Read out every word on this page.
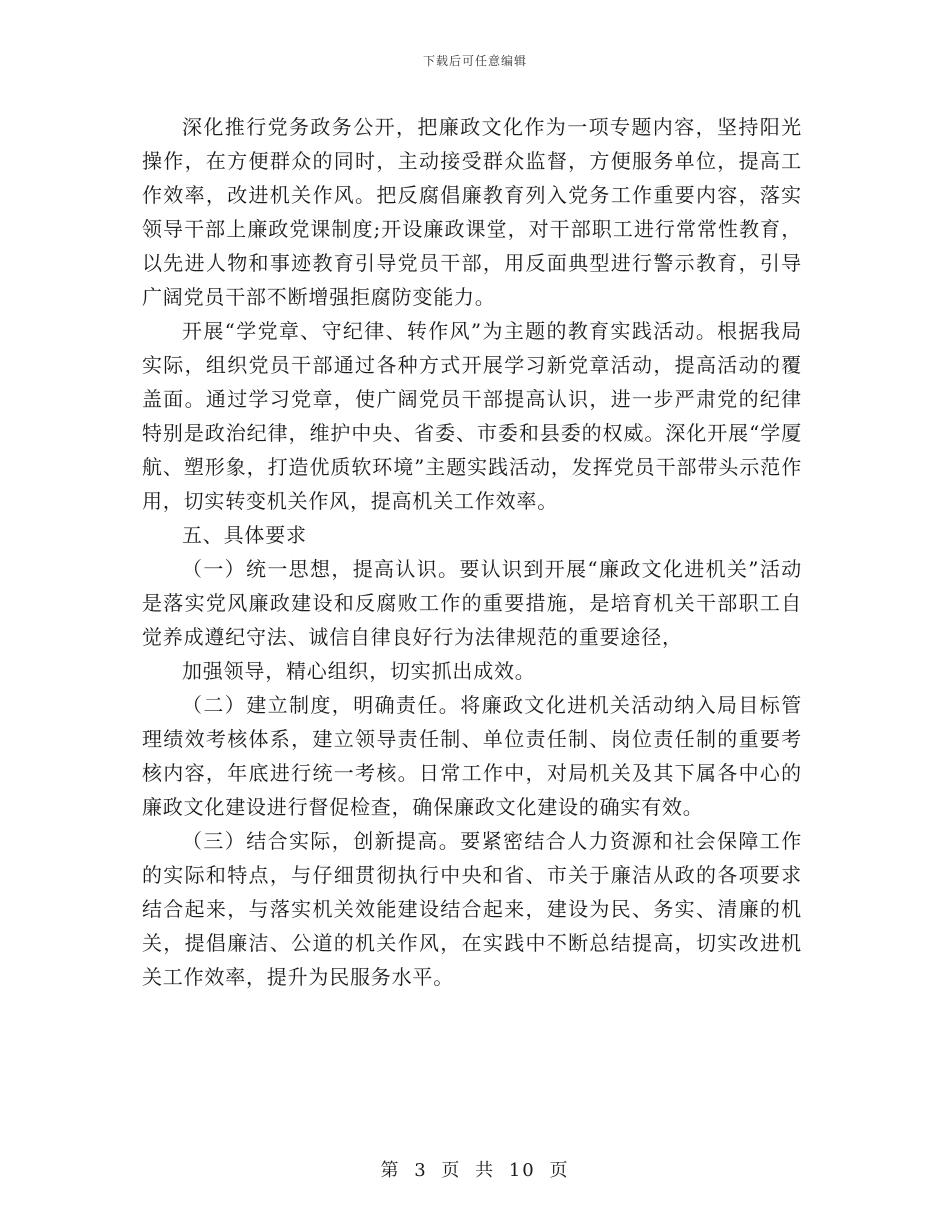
下载后可任意编辑

深化推行党务政务公开，把廉政文化作为一项专题内容，坚持阳光操作，在方便群众的同时，主动接受群众监督，方便服务单位，提高工作效率，改进机关作风。把反腐倡廉教育列入党务工作重要内容，落实领导干部上廉政党课制度;开设廉政课堂，对干部职工进行常常性教育，以先进人物和事迹教育引导党员干部，用反面典型进行警示教育，引导广阔党员干部不断增强拒腐防变能力。

开展“学党章、守纪律、转作风”为主题的教育实践活动。根据我局实际，组织党员干部通过各种方式开展学习新党章活动，提高活动的覆盖面。通过学习党章，使广阔党员干部提高认识，进一步严肃党的纪律特别是政治纪律，维护中央、省委、市委和县委的权威。深化开展“学厦航、塑形象，打造优质软环境”主题实践活动，发挥党员干部带头示范作用，切实转变机关作风，提高机关工作效率。

五、具体要求

（一）统一思想，提高认识。要认识到开展“廉政文化进机关”活动是落实党风廉政建设和反腐败工作的重要措施，是培育机关干部职工自觉养成遵纪守法、诚信自律良好行为法律规范的重要途径，

加强领导，精心组织，切实抓出成效。

（二）建立制度，明确责任。将廉政文化进机关活动纳入局目标管理绩效考核体系，建立领导责任制、单位责任制、岗位责任制的重要考核内容，年底进行统一考核。日常工作中，对局机关及其下属各中心的廉政文化建设进行督促检查，确保廉政文化建设的确实有效。

（三）结合实际，创新提高。要紧密结合人力资源和社会保障工作的实际和特点，与仔细贯彻执行中央和省、市关于廉洁从政的各项要求结合起来，与落实机关效能建设结合起来，建设为民、务实、清廉的机关，提倡廉洁、公道的机关作风，在实践中不断总结提高，切实改进机关工作效率，提升为民服务水平。

第 3 页 共 10 页
